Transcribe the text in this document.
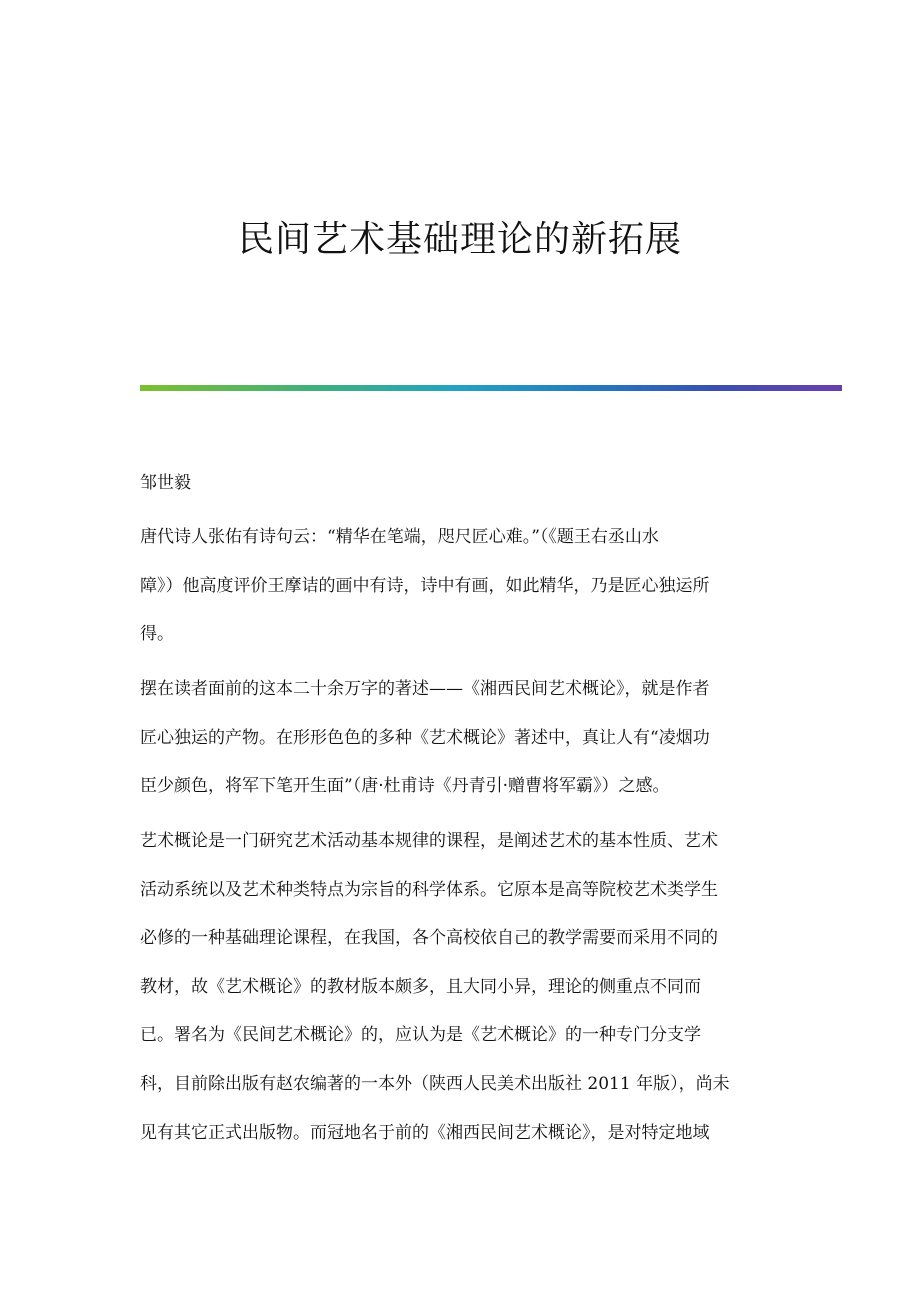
民间艺术基础理论的新拓展

邹世毅

唐代诗人张佑有诗句云：“精华在笔端，咫尺匠心难。”（《题王右丞山水
障》）他高度评价王摩诘的画中有诗，诗中有画，如此精华，乃是匠心独运所
得。

摆在读者面前的这本二十余万字的著述——《湘西民间艺术概论》，就是作者
匠心独运的产物。在形形色色的多种《艺术概论》著述中，真让人有“凌烟功
臣少颜色，将军下笔开生面”（唐·杜甫诗《丹青引·赠曹将军霸》）之感。

艺术概论是一门研究艺术活动基本规律的课程，是阐述艺术的基本性质、艺术
活动系统以及艺术种类特点为宗旨的科学体系。它原本是高等院校艺术类学生
必修的一种基础理论课程，在我国，各个高校依自己的教学需要而采用不同的
教材，故《艺术概论》的教材版本颇多，且大同小异，理论的侧重点不同而
已。署名为《民间艺术概论》的，应认为是《艺术概论》的一种专门分支学
科，目前除出版有赵农编著的一本外（陕西人民美术出版社 2011 年版），尚未
见有其它正式出版物。而冠地名于前的《湘西民间艺术概论》，是对特定地域
